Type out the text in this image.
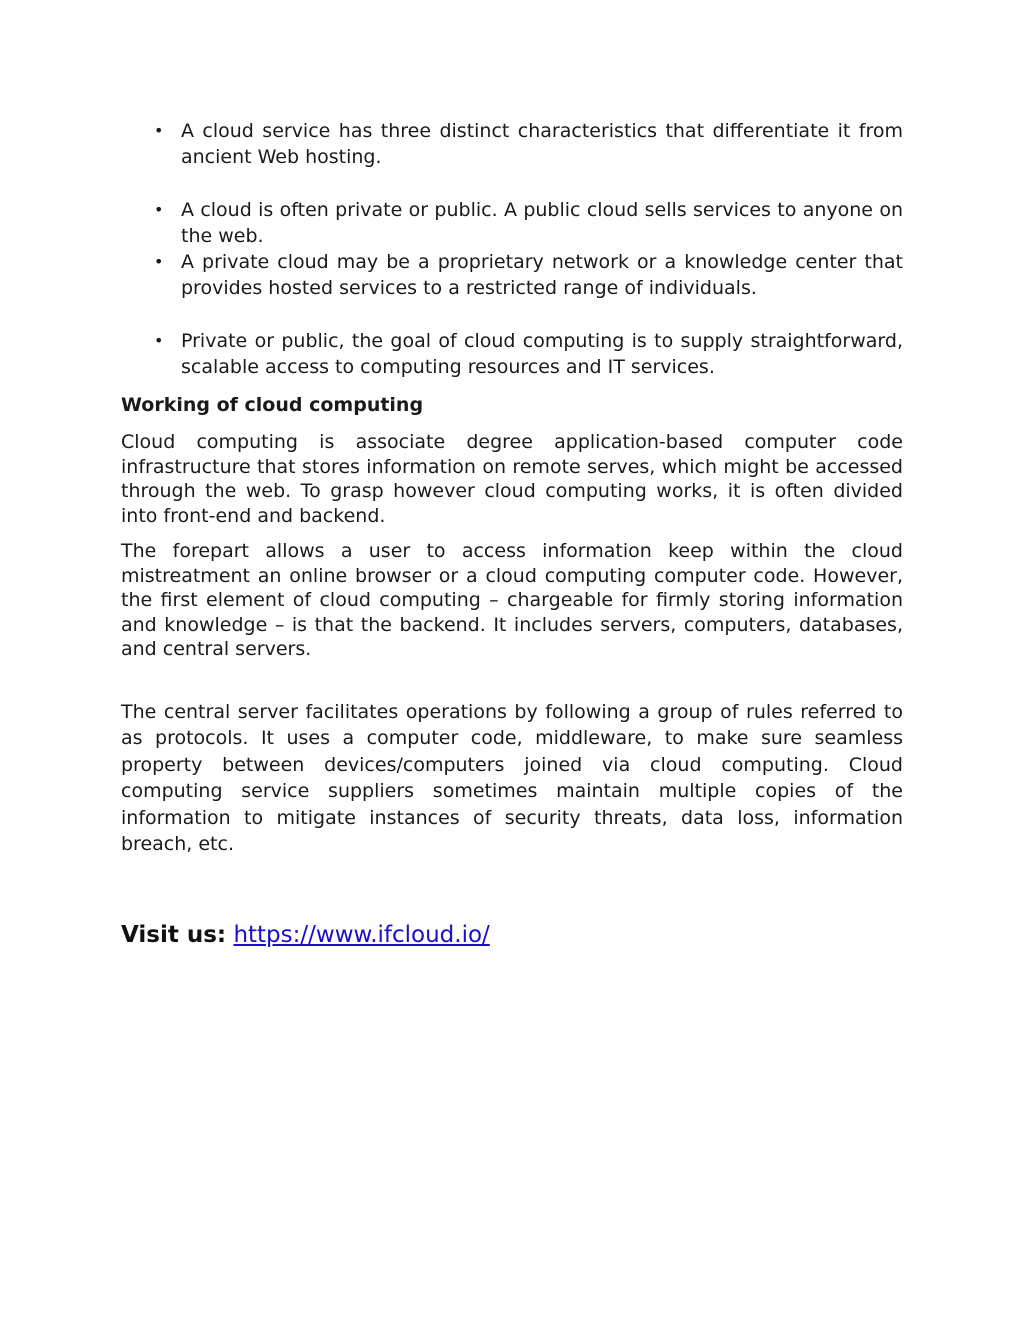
• A cloud service has three distinct characteristics that differentiate it from ancient Web hosting.
• A cloud is often private or public. A public cloud sells services to anyone on the web.
• A private cloud may be a proprietary network or a knowledge center that provides hosted services to a restricted range of individuals.
• Private or public, the goal of cloud computing is to supply straightforward, scalable access to computing resources and IT services.
Working of cloud computing

Cloud computing is associate degree application-based computer code infrastructure that stores information on remote serves, which might be accessed through the web. To grasp however cloud computing works, it is often divided into front-end and backend.

The forepart allows a user to access information keep within the cloud mistreatment an online browser or a cloud computing computer code. However, the first element of cloud computing – chargeable for firmly storing information and knowledge – is that the backend. It includes servers, computers, databases, and central servers.

The central server facilitates operations by following a group of rules referred to as protocols. It uses a computer code, middleware, to make sure seamless property between devices/computers joined via cloud computing. Cloud computing service suppliers sometimes maintain multiple copies of the information to mitigate instances of security threats, data loss, information breach, etc.

Visit us: https://www.ifcloud.io/
